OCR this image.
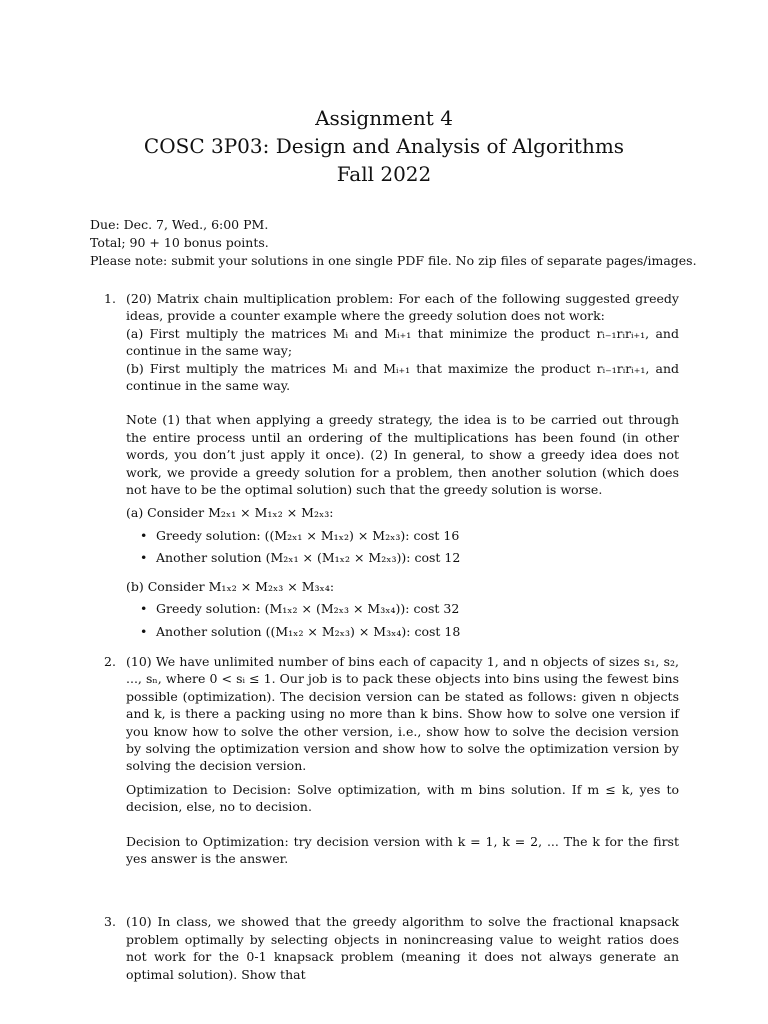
Assignment 4
COSC 3P03: Design and Analysis of Algorithms
Fall 2022
Due: Dec. 7, Wed., 6:00 PM.
Total; 90 + 10 bonus points.
Please note: submit your solutions in one single PDF file. No zip files of separate pages/images.
1. (20) Matrix chain multiplication problem: For each of the following suggested greedy ideas, provide a counter example where the greedy solution does not work:

(a) First multiply the matrices Mᵢ and Mᵢ₊₁ that minimize the product rᵢ₋₁rᵢrᵢ₊₁, and continue in the same way;

(b) First multiply the matrices Mᵢ and Mᵢ₊₁ that maximize the product rᵢ₋₁rᵢrᵢ₊₁, and continue in the same way.

Note (1) that when applying a greedy strategy, the idea is to be carried out through the entire process until an ordering of the multiplications has been found (in other words, you don’t just apply it once). (2) In general, to show a greedy idea does not work, we provide a greedy solution for a problem, then another solution (which does not have to be the optimal solution) such that the greedy solution is worse.

(a) Consider M₂ₓ₁ × M₁ₓ₂ × M₂ₓ₃:

• Greedy solution: ((M₂ₓ₁ × M₁ₓ₂) × M₂ₓ₃): cost 16
• Another solution (M₂ₓ₁ × (M₁ₓ₂ × M₂ₓ₃)): cost 12

(b) Consider M₁ₓ₂ × M₂ₓ₃ × M₃ₓ₄:

• Greedy solution: (M₁ₓ₂ × (M₂ₓ₃ × M₃ₓ₄)): cost 32
• Another solution ((M₁ₓ₂ × M₂ₓ₃) × M₃ₓ₄): cost 18
2. (10) We have unlimited number of bins each of capacity 1, and n objects of sizes s₁, s₂, ..., sₙ, where 0 < sᵢ ≤ 1. Our job is to pack these objects into bins using the fewest bins possible (optimization). The decision version can be stated as follows: given n objects and k, is there a packing using no more than k bins. Show how to solve one version if you know how to solve the other version, i.e., show how to solve the decision version by solving the optimization version and show how to solve the optimization version by solving the decision version.

Optimization to Decision: Solve optimization, with m bins solution. If m ≤ k, yes to decision, else, no to decision.

Decision to Optimization: try decision version with k = 1, k = 2, ... The k for the first yes answer is the answer.

3. (10) In class, we showed that the greedy algorithm to solve the fractional knapsack problem optimally by selecting objects in nonincreasing value to weight ratios does not work for the 0-1 knapsack problem (meaning it does not always generate an optimal solution). Show that
